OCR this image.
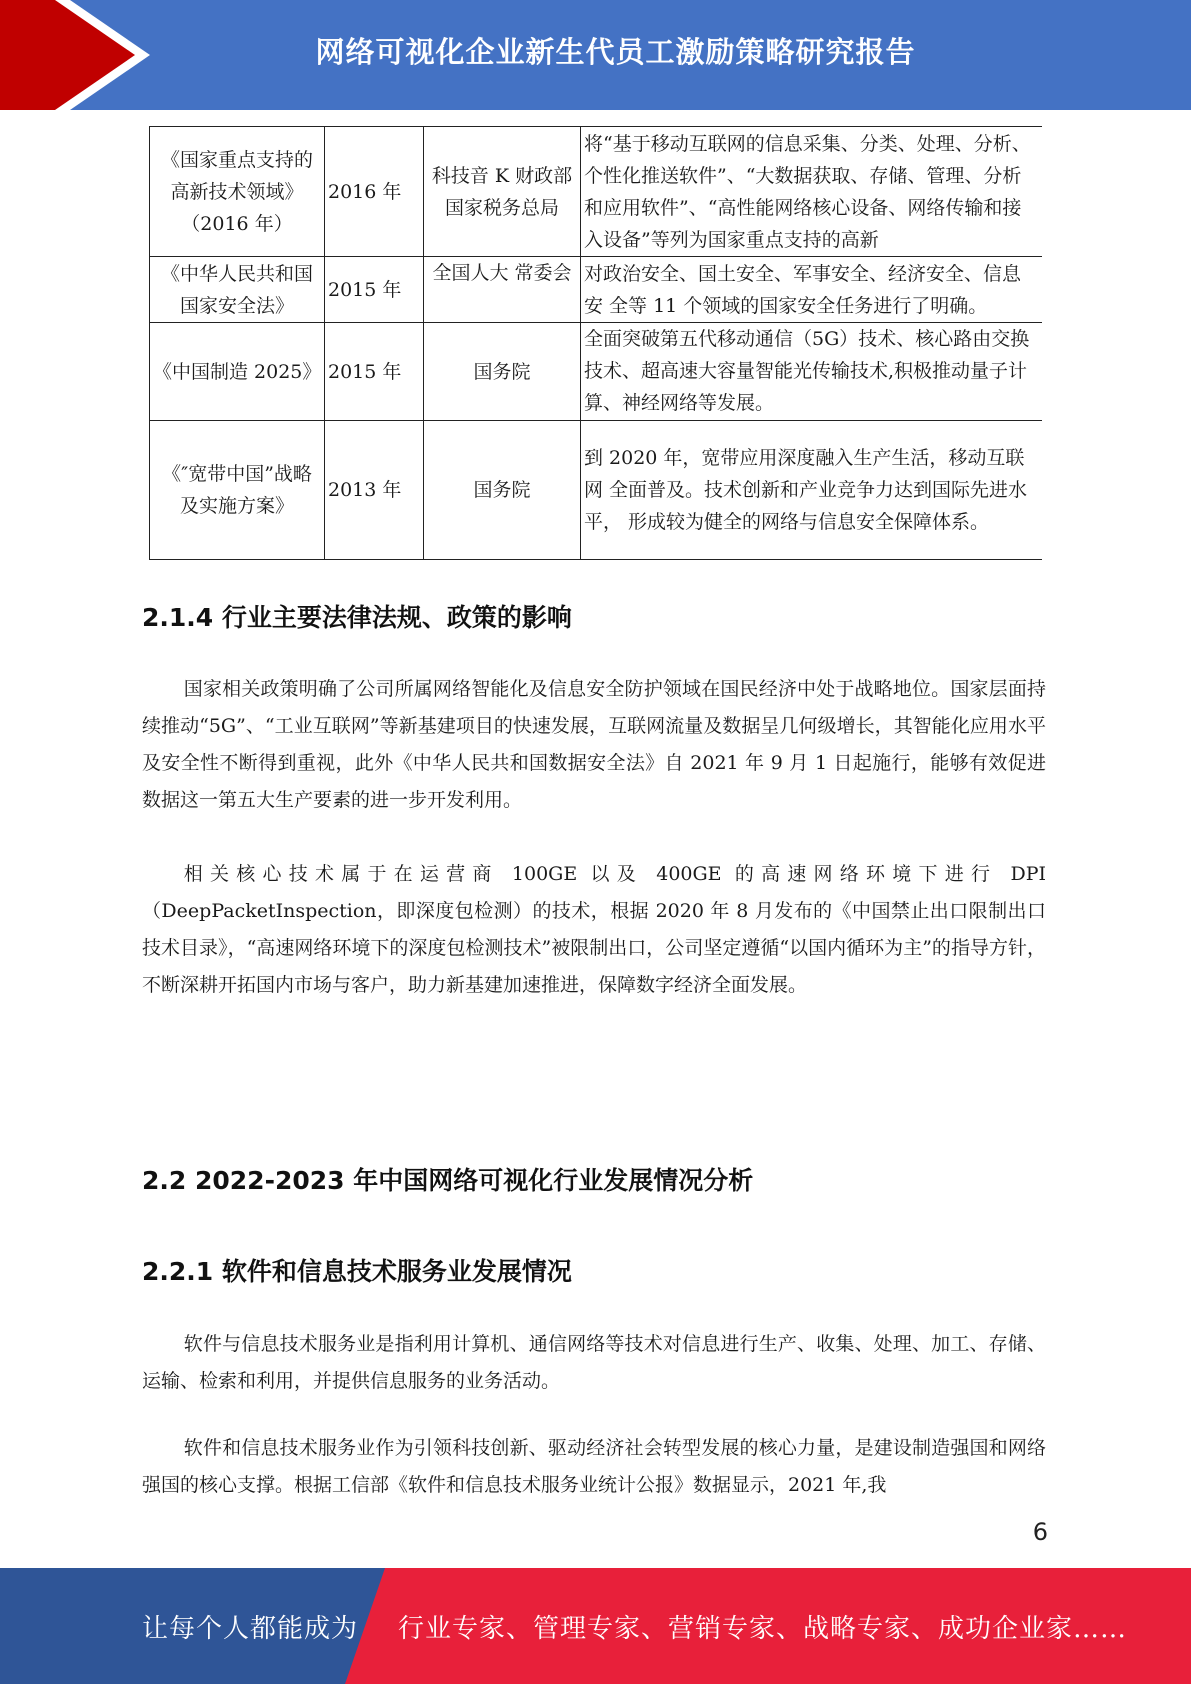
网络可视化企业新生代员工激励策略研究报告
《国家重点支持的高新技术领域》（2016 年）	2016 年	科技音 K 财政部 国家税务总局	将“基于移动互联网的信息采集、分类、处理、分析、 个性化推送软件”、“大数据获取、存储、管理、分析 和应用软件”、“高性能网络核心设备、网络传输和接 入设备”等列为国家重点支持的高新

《中华人民共和国国家安全法》	2015 年	全国人大 常委会	对政治安全、国土安全、军事安全、经济安全、信息安 全等 11 个领域的国家安全任务进行了明确。
《中国制造 2025》	2015 年	国务院	全面突破第五代移动通信（5G）技术、核心路由交换 技术、超高速大容量智能光传输技术,积极推动量子计 算、神经网络等发展。
《″宽带中国”战略及实施方案》	2013 年	国务院	到 2020 年，宽带应用深度融入生产生活，移动互联网 全面普及。技术创新和产业竞争力达到国际先进水平， 形成较为健全的网络与信息安全保障体系。
2.1.4 行业主要法律法规、政策的影响

国家相关政策明确了公司所属网络智能化及信息安全防护领域在国民经济中处于战略地位。国家层面持续推动“5G”、“工业互联网”等新基建项目的快速发展，互联网流量及数据呈几何级增长，其智能化应用水平及安全性不断得到重视，此外《中华人民共和国数据安全法》自 2021 年 9 月 1 日起施行，能够有效促进数据这一第五大生产要素的进一步开发利用。

相关核心技术属于在运营商 100GE 以及 400GE 的高速网络环境下进行 DPI（DeepPacketInspection，即深度包检测）的技术，根据 2020 年 8 月发布的《中国禁止出口限制出口技术目录》，“高速网络环境下的深度包检测技术”被限制出口，公司坚定遵循“以国内循环为主”的指导方针，不断深耕开拓国内市场与客户，助力新基建加速推进，保障数字经济全面发展。

2.2 2022-2023 年中国网络可视化行业发展情况分析
2.2.1 软件和信息技术服务业发展情况

软件与信息技术服务业是指利用计算机、通信网络等技术对信息进行生产、收集、处理、加工、存储、运输、检索和利用，并提供信息服务的业务活动。

软件和信息技术服务业作为引领科技创新、驱动经济社会转型发展的核心力量，是建设制造强国和网络强国的核心支撑。根据工信部《软件和信息技术服务业统计公报》数据显示，2021 年,我

6
让每个人都能成为 行业专家、管理专家、营销专家、战略专家、成功企业家……
